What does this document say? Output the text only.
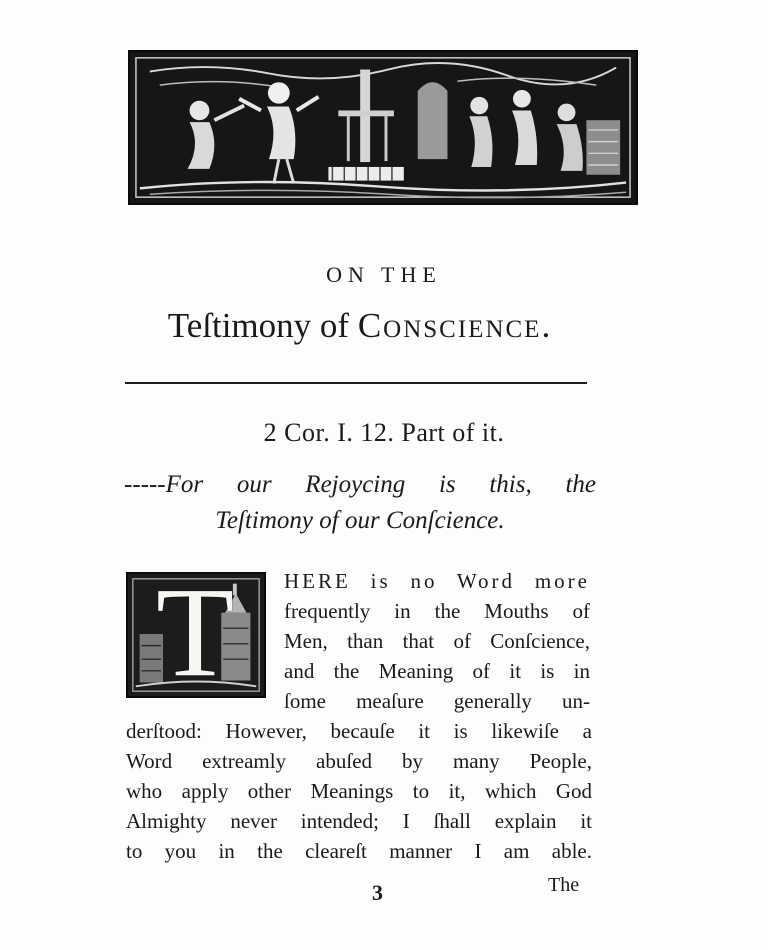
ON THE
Teſtimony of Conscience.
2 Cor. I. 12. Part of it.
-----For our Rejoycing is this, the
Teſtimony of our Conſcience.
T HERE is no Word more
frequently in the Mouths of
Men, than that of Conſcience,
and the Meaning of it is in
ſome meaſure generally un-
derſtood: However, becauſe it is likewiſe a
Word extreamly abuſed by many People,
who apply other Meanings to it, which God
Almighty never intended; I ſhall explain it
to you in the cleareſt manner I am able.
3	The
